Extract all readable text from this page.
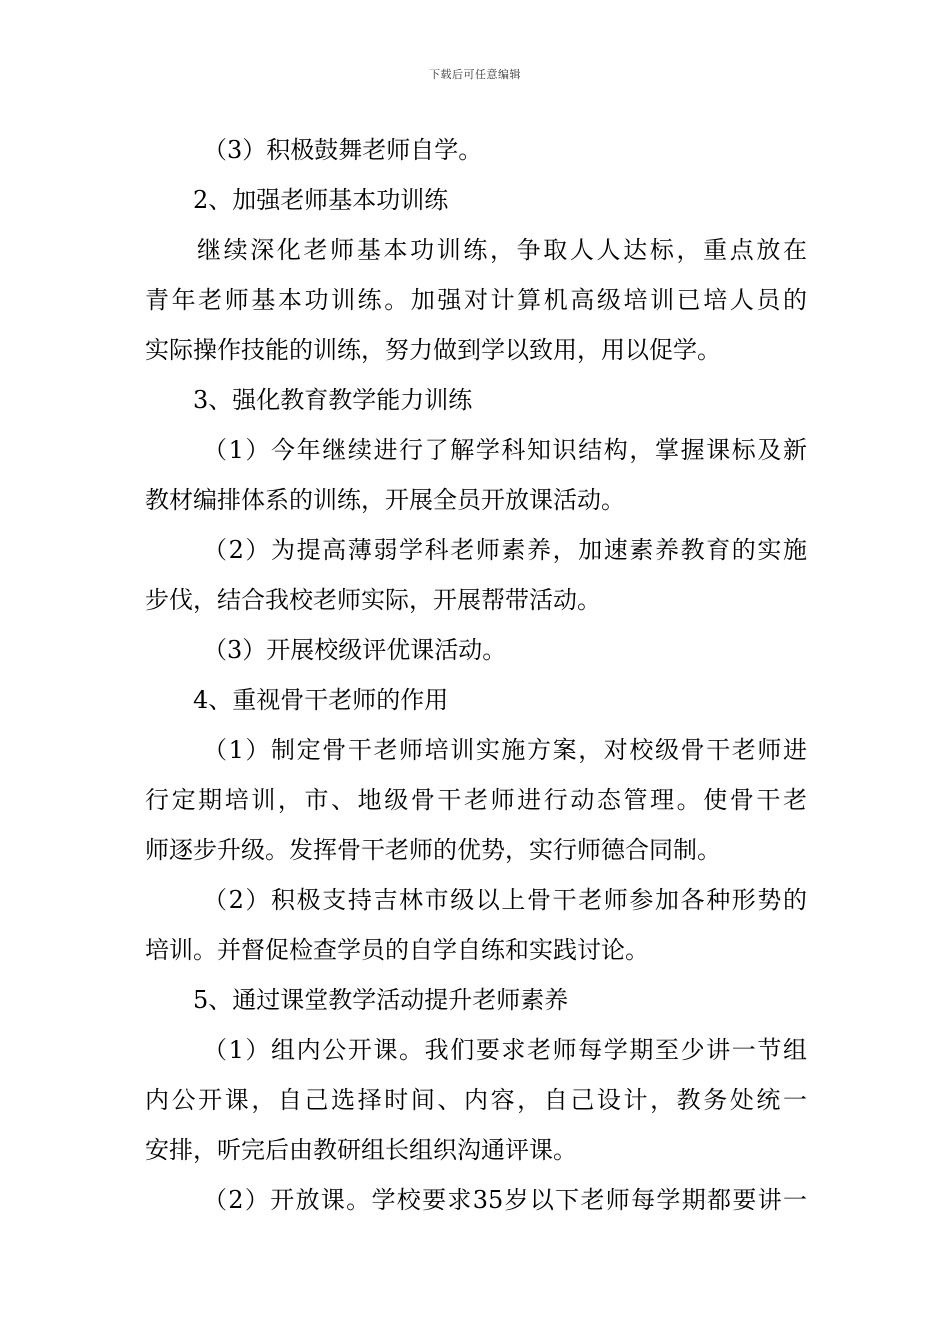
下载后可任意编辑
（3）积极鼓舞老师自学。
2、加强老师基本功训练
继续深化老师基本功训练，争取人人达标，重点放在
青年老师基本功训练。加强对计算机高级培训已培人员的
实际操作技能的训练，努力做到学以致用，用以促学。
3、强化教育教学能力训练
（1）今年继续进行了解学科知识结构，掌握课标及新
教材编排体系的训练，开展全员开放课活动。
（2）为提高薄弱学科老师素养，加速素养教育的实施
步伐，结合我校老师实际，开展帮带活动。
（3）开展校级评优课活动。
4、重视骨干老师的作用
（1）制定骨干老师培训实施方案，对校级骨干老师进
行定期培训，市、地级骨干老师进行动态管理。使骨干老
师逐步升级。发挥骨干老师的优势，实行师德合同制。
（2）积极支持吉林市级以上骨干老师参加各种形势的
培训。并督促检查学员的自学自练和实践讨论。
5、通过课堂教学活动提升老师素养
（1）组内公开课。我们要求老师每学期至少讲一节组
内公开课，自己选择时间、内容，自己设计，教务处统一
安排，听完后由教研组长组织沟通评课。
（2）开放课。学校要求35岁以下老师每学期都要讲一
